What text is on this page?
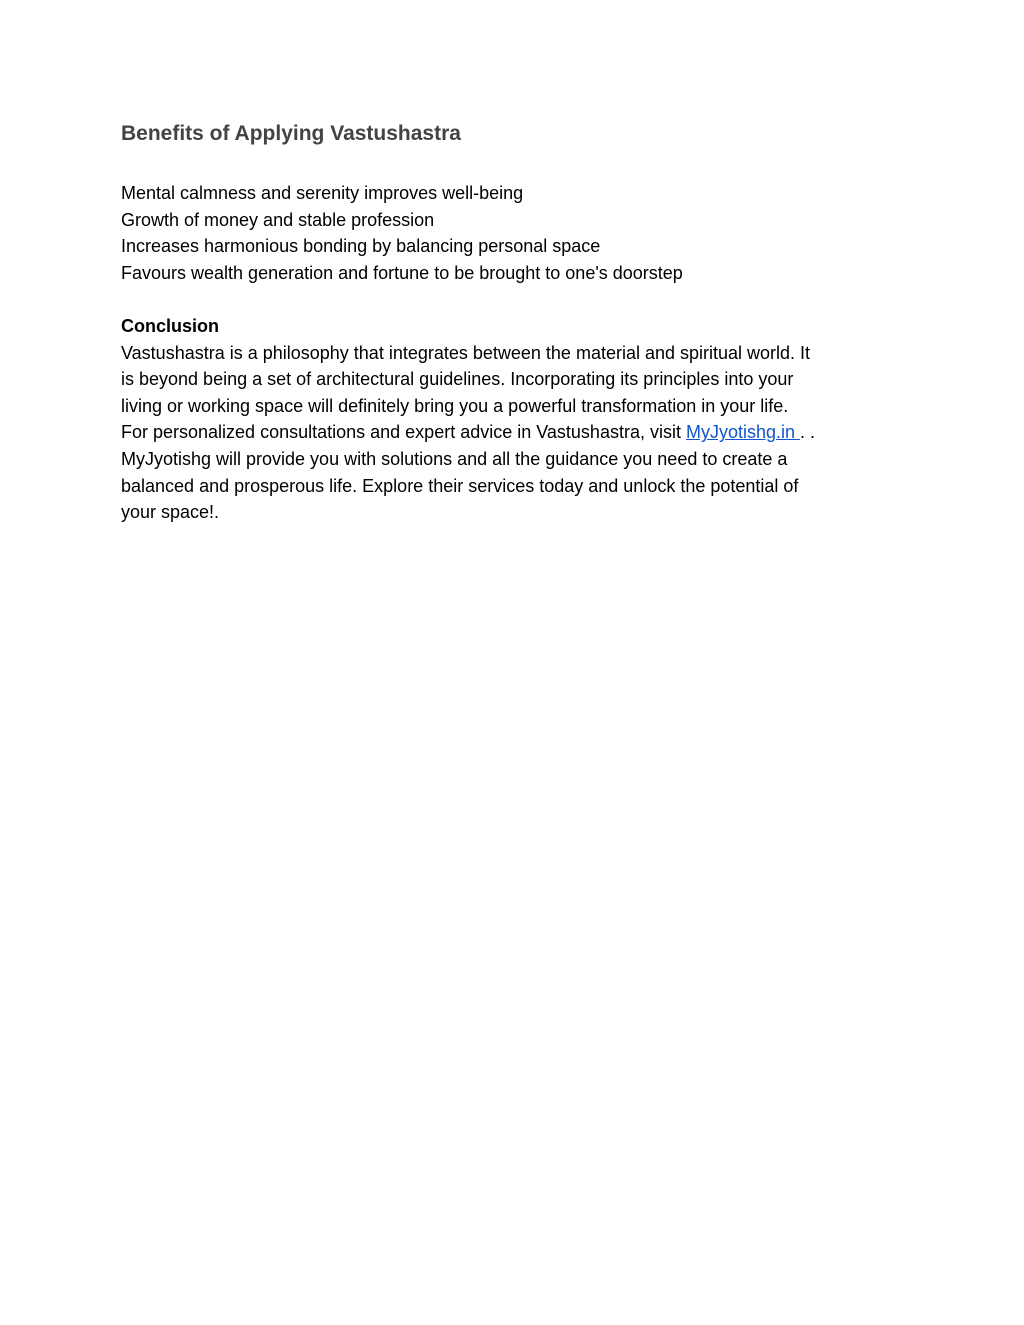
Benefits of Applying Vastushastra
Mental calmness and serenity improves well-being
Growth of money and stable profession
Increases harmonious bonding by balancing personal space
Favours wealth generation and fortune to be brought to one's doorstep

Conclusion

Vastushastra is a philosophy that integrates between the material and spiritual world. It
is beyond being a set of architectural guidelines. Incorporating its principles into your
living or working space will definitely bring you a powerful transformation in your life.
For personalized consultations and expert advice in Vastushastra, visit MyJyotishg.in . .
MyJyotishg will provide you with solutions and all the guidance you need to create a
balanced and prosperous life. Explore their services today and unlock the potential of
your space!.
